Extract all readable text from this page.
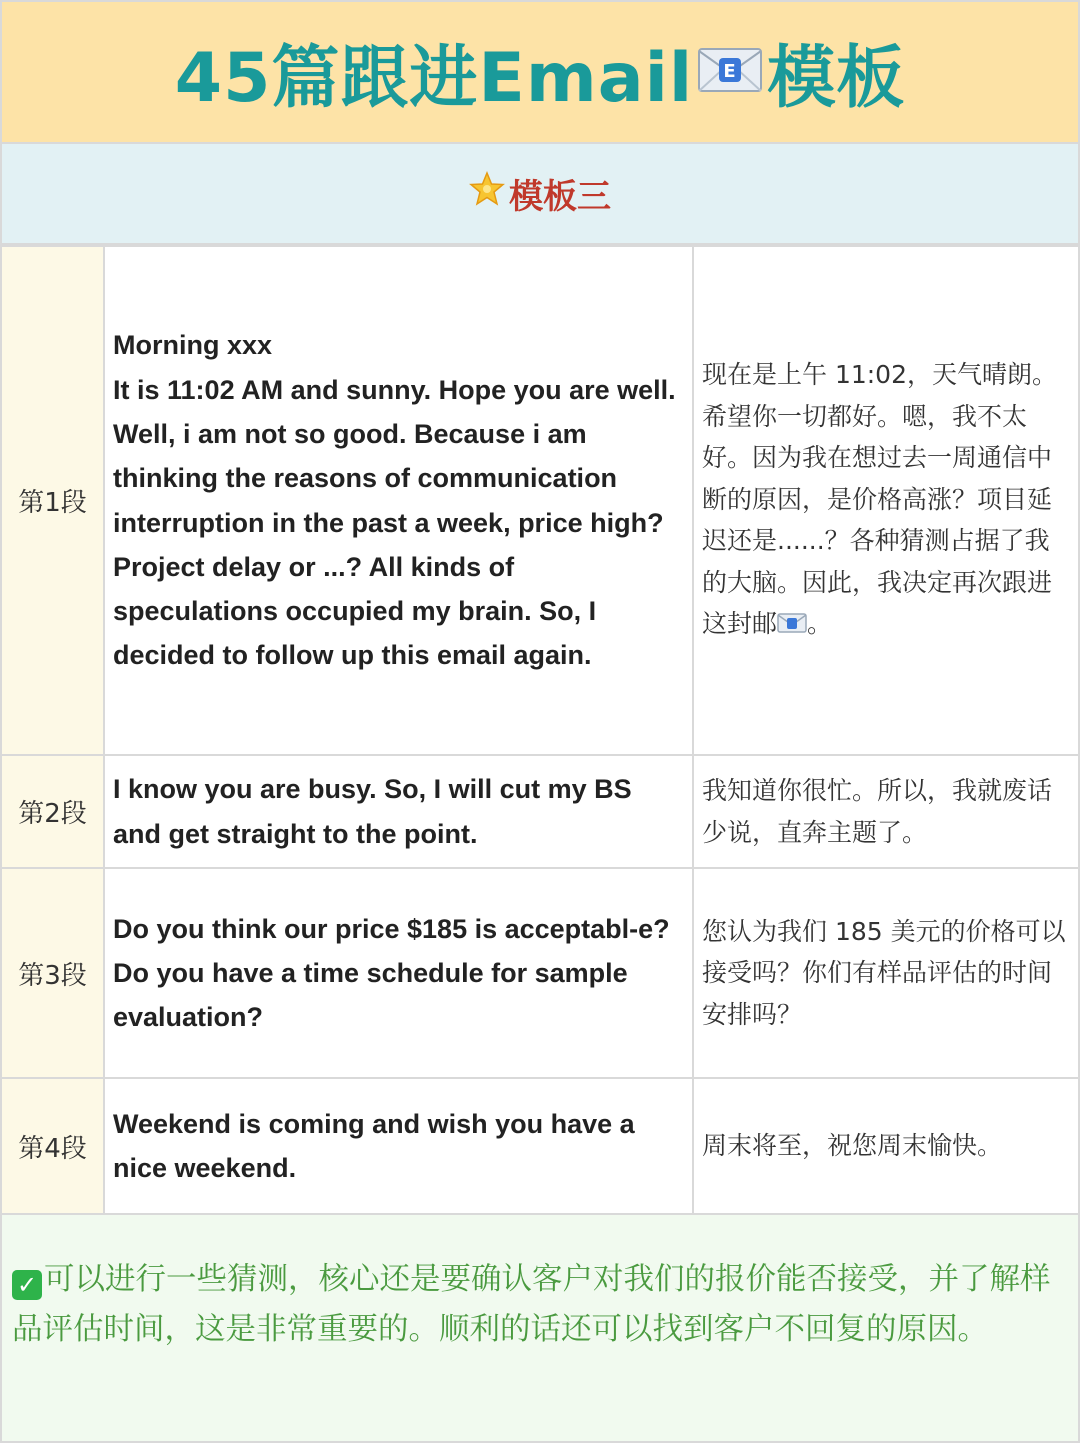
45篇跟进Email E 模板
模板三
第1段	Morning xxx
It is 11:02 AM and sunny. Hope you are well. Well, i am not so good. Because i am thinking the reasons of communication interruption in the past a week, price high? Project delay or ...? All kinds of speculations occupied my brain. So, I decided to follow up this email again.	现在是上午 11:02，天气晴朗。希望你一切都好。嗯，我不太好。因为我在想过去一周通信中断的原因，是价格高涨？项目延迟还是......？各种猜测占据了我的大脑。因此，我决定再次跟进这封邮 。

第2段	I know you are busy. So, I will cut my BS and get straight to the point.	我知道你很忙。所以，我就废话少说，直奔主题了。
第3段	Do you think our price $185 is acceptabl-e? Do you have a time schedule for sample evaluation?	您认为我们 185 美元的价格可以接受吗？你们有样品评估的时间安排吗？
第4段	Weekend is coming and wish you have a nice weekend.	周末将至，祝您周末愉快。
✓ 可以进行一些猜测，核心还是要确认客户对我们的报价能否接受，并了解样品评估时间，这是非常重要的。顺利的话还可以找到客户不回复的原因。
